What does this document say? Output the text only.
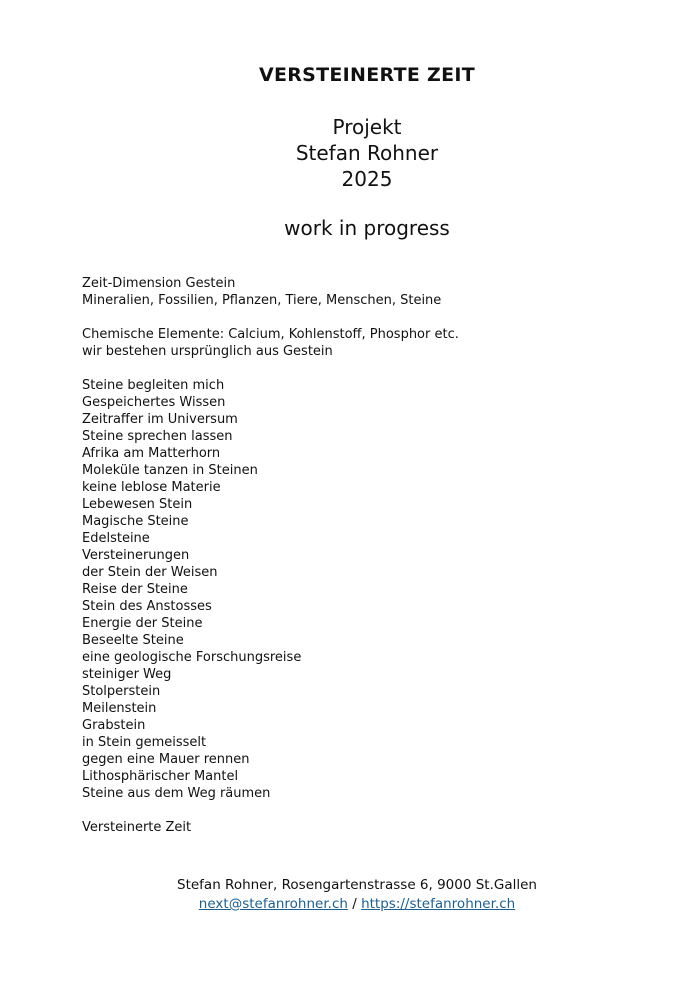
VERSTEINERTE ZEIT
Projekt
Stefan Rohner
2025
work in progress
Zeit-Dimension Gestein
Mineralien, Fossilien, Pflanzen, Tiere, Menschen, Steine
Chemische Elemente: Calcium, Kohlenstoff, Phosphor etc.
wir bestehen ursprünglich aus Gestein
Steine begleiten mich
Gespeichertes Wissen
Zeitraffer im Universum
Steine sprechen lassen
Afrika am Matterhorn
Moleküle tanzen in Steinen
keine leblose Materie
Lebewesen Stein
Magische Steine
Edelsteine
Versteinerungen
der Stein der Weisen
Reise der Steine
Stein des Anstosses
Energie der Steine
Beseelte Steine
eine geologische Forschungsreise
steiniger Weg
Stolperstein
Meilenstein
Grabstein
in Stein gemeisselt
gegen eine Mauer rennen
Lithosphärischer Mantel
Steine aus dem Weg räumen
Versteinerte Zeit
Stefan Rohner, Rosengartenstrasse 6, 9000 St.Gallen
next@stefanrohner.ch / https://stefanrohner.ch
